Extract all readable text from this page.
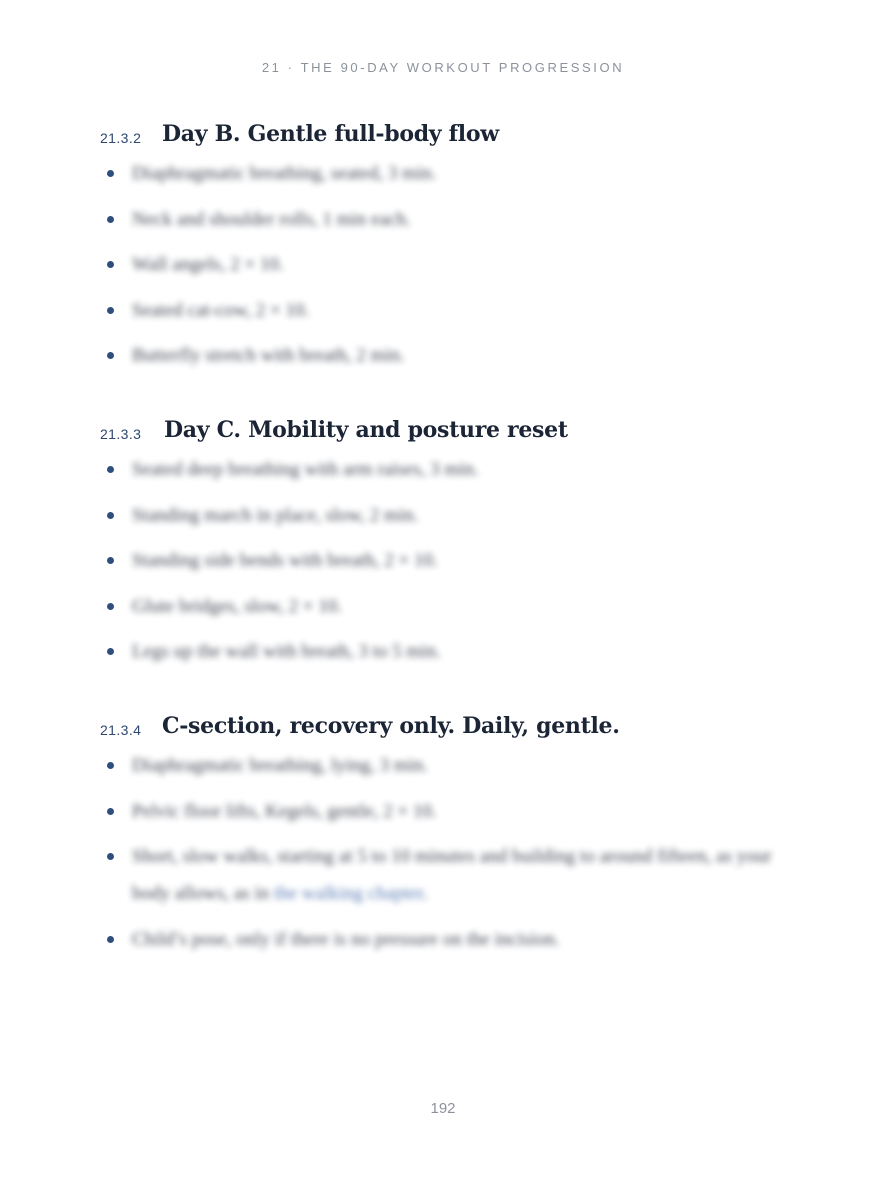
21 · THE 90-DAY WORKOUT PROGRESSION
21.3.2 Day B. Gentle full-body flow
Diaphragmatic breathing, seated, 3 min.
Neck and shoulder rolls, 1 min each.
Wall angels, 2 × 10.
Seated cat-cow, 2 × 10.
Butterfly stretch with breath, 2 min.
21.3.3 Day C. Mobility and posture reset
Seated deep breathing with arm raises, 3 min.
Standing march in place, slow, 2 min.
Standing side bends with breath, 2 × 10.
Glute bridges, slow, 2 × 10.
Legs up the wall with breath, 3 to 5 min.
21.3.4 C-section, recovery only. Daily, gentle.
Diaphragmatic breathing, lying, 3 min.
Pelvic floor lifts, Kegels, gentle, 2 × 10.
Short, slow walks, starting at 5 to 10 minutes and building to around fifteen, as your body allows, as in the walking chapter.
Child’s pose, only if there is no pressure on the incision.
192
